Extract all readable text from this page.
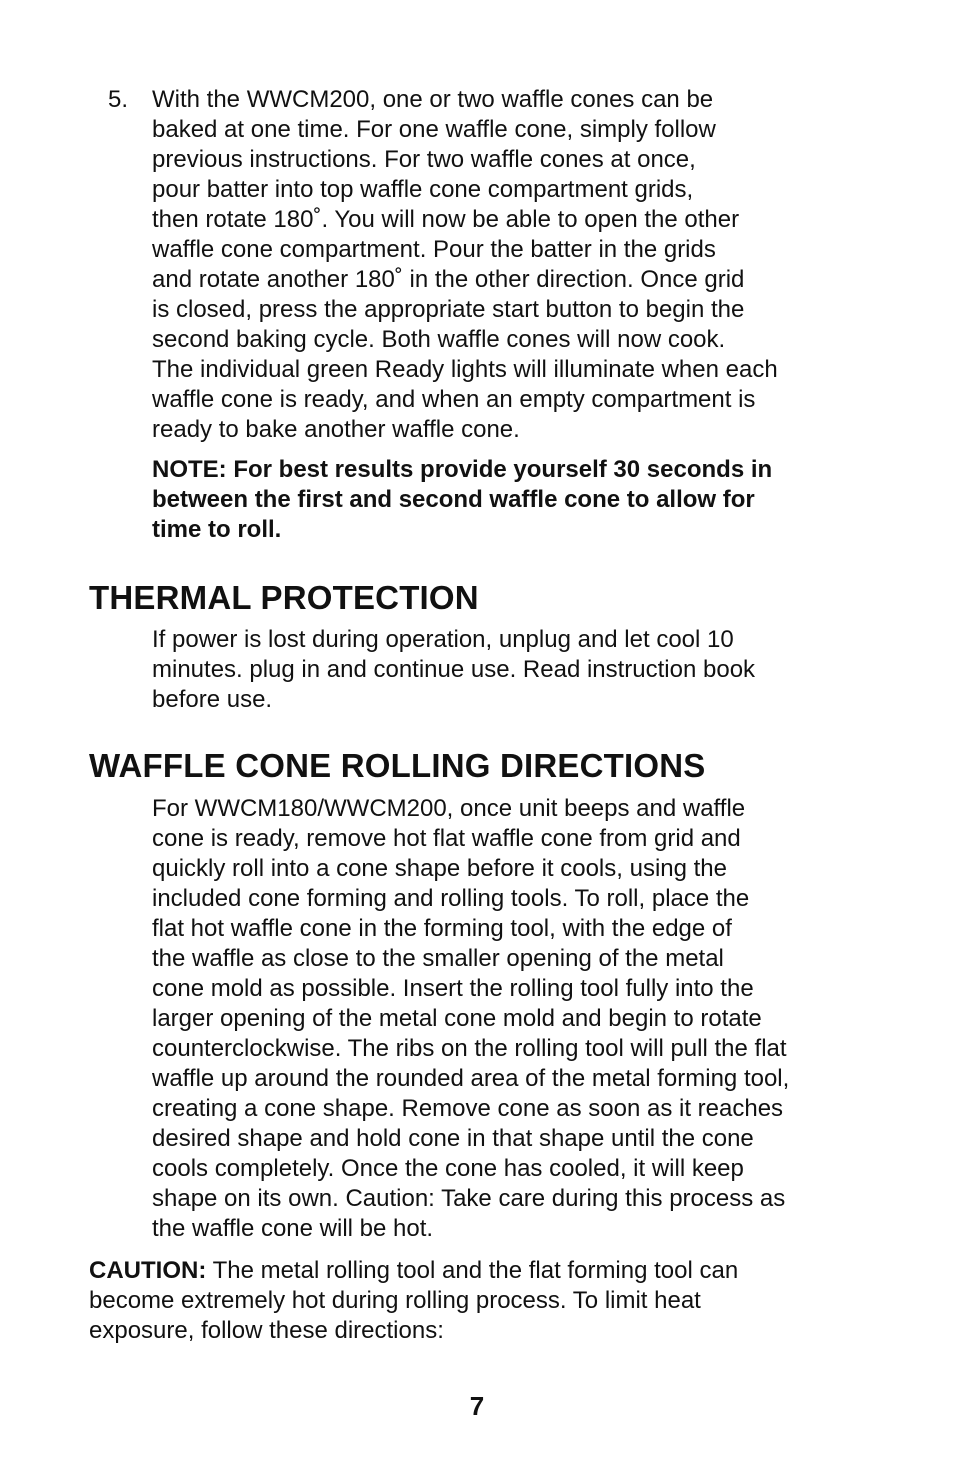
5. With the WWCM200, one or two waffle cones can be
baked at one time. For one waffle cone, simply follow
previous instructions. For two waffle cones at once,
pour batter into top waffle cone compartment grids,
then rotate 180˚. You will now be able to open the other
waffle cone compartment. Pour the batter in the grids
and rotate another 180˚ in the other direction. Once grid
is closed, press the appropriate start button to begin the
second baking cycle. Both waffle cones will now cook.
The individual green Ready lights will illuminate when each
waffle cone is ready, and when an empty compartment is
ready to bake another waffle cone.
NOTE: For best results provide yourself 30 seconds in
between the first and second waffle cone to allow for
time to roll.
THERMAL PROTECTION

If power is lost during operation, unplug and let cool 10
minutes. plug in and continue use. Read instruction book
before use.

WAFFLE CONE ROLLING DIRECTIONS

For WWCM180/WWCM200, once unit beeps and waffle
cone is ready, remove hot flat waffle cone from grid and
quickly roll into a cone shape before it cools, using the
included cone forming and rolling tools. To roll, place the
flat hot waffle cone in the forming tool, with the edge of
the waffle as close to the smaller opening of the metal
cone mold as possible. Insert the rolling tool fully into the
larger opening of the metal cone mold and begin to rotate
counterclockwise. The ribs on the rolling tool will pull the flat
waffle up around the rounded area of the metal forming tool,
creating a cone shape. Remove cone as soon as it reaches
desired shape and hold cone in that shape until the cone
cools completely. Once the cone has cooled, it will keep
shape on its own. Caution: Take care during this process as
the waffle cone will be hot.

CAUTION: The metal rolling tool and the flat forming tool can
become extremely hot during rolling process. To limit heat
exposure, follow these directions:

7
